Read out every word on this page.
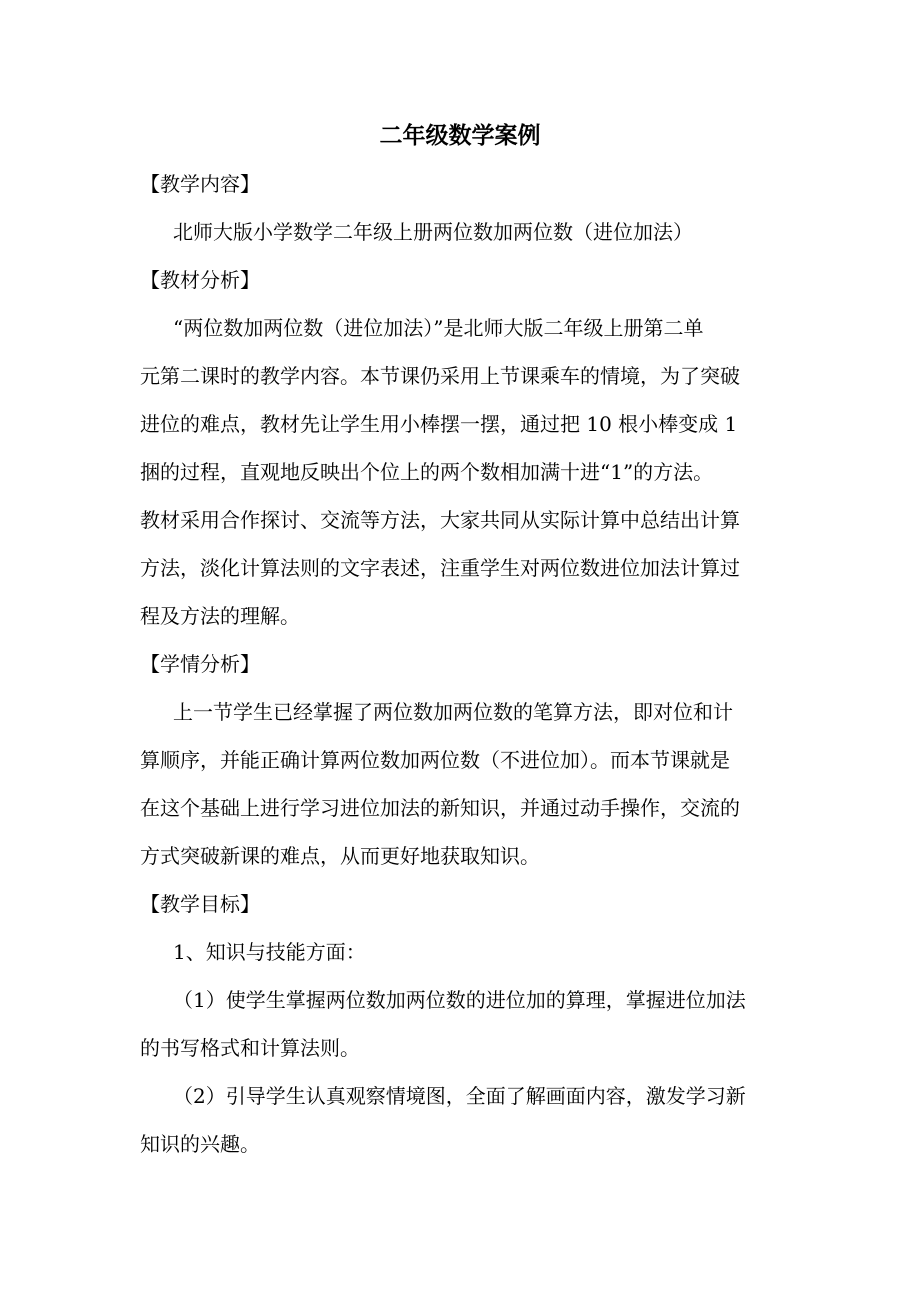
二年级数学案例
【教学内容】
北师大版小学数学二年级上册两位数加两位数（进位加法）
【教材分析】
“两位数加两位数（进位加法）”是北师大版二年级上册第二单
元第二课时的教学内容。本节课仍采用上节课乘车的情境，为了突破
进位的难点，教材先让学生用小棒摆一摆，通过把 10 根小棒变成 1
捆的过程，直观地反映出个位上的两个数相加满十进“1”的方法。
教材采用合作探讨、交流等方法，大家共同从实际计算中总结出计算
方法，淡化计算法则的文字表述，注重学生对两位数进位加法计算过
程及方法的理解。
【学情分析】
上一节学生已经掌握了两位数加两位数的笔算方法，即对位和计
算顺序，并能正确计算两位数加两位数（不进位加）。而本节课就是
在这个基础上进行学习进位加法的新知识，并通过动手操作，交流的
方式突破新课的难点，从而更好地获取知识。
【教学目标】
1、知识与技能方面：
（1）使学生掌握两位数加两位数的进位加的算理，掌握进位加法
的书写格式和计算法则。
（2）引导学生认真观察情境图，全面了解画面内容，激发学习新
知识的兴趣。
